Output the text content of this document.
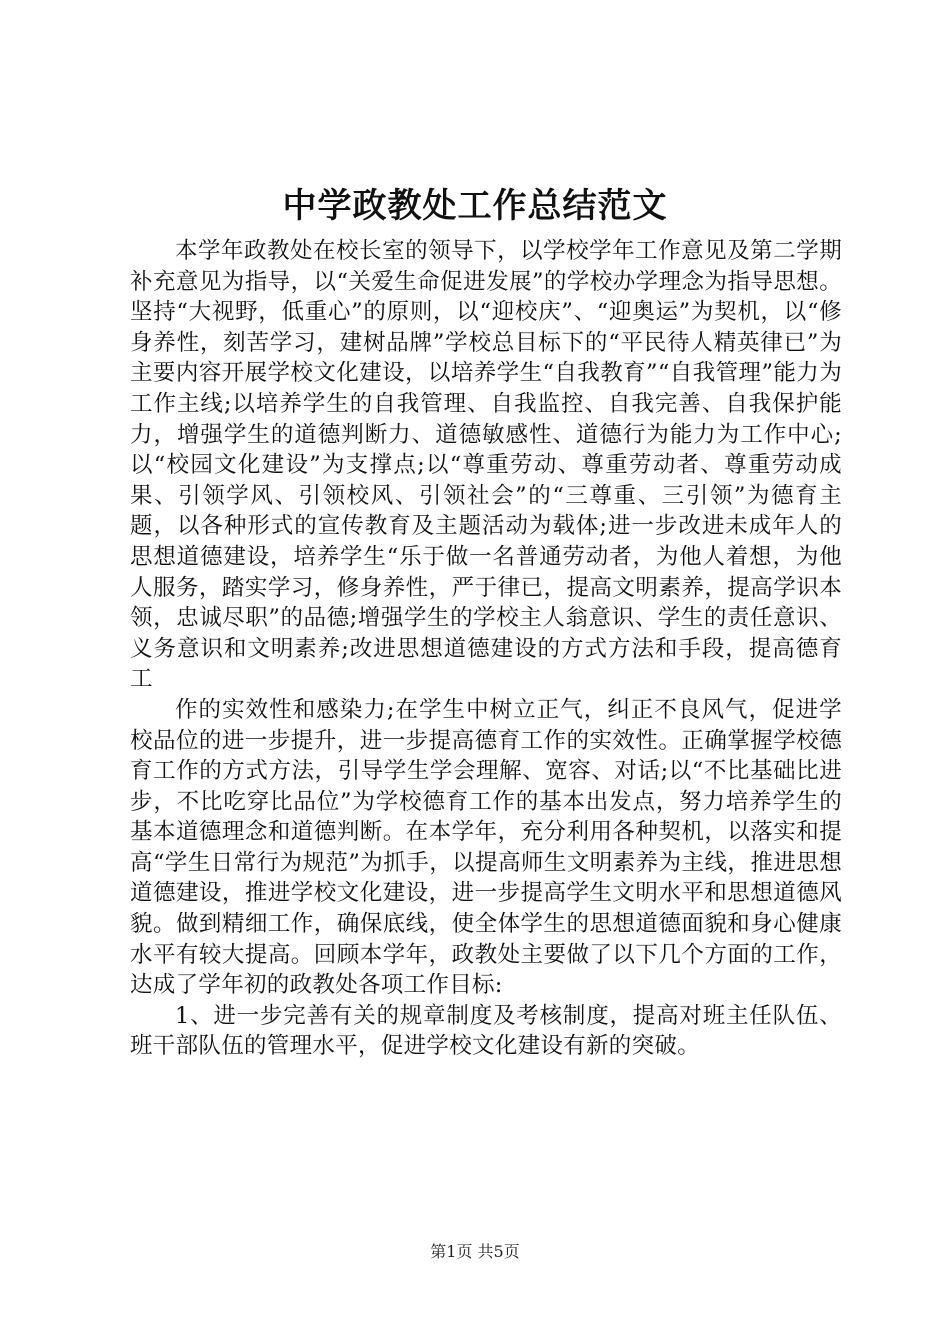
中学政教处工作总结范文

本学年政教处在校长室的领导下，以学校学年工作意见及第二学期补充意见为指导，以“关爱生命促进发展”的学校办学理念为指导思想。坚持“大视野，低重心”的原则，以“迎校庆”、“迎奥运”为契机，以“修身养性，刻苦学习，建树品牌”学校总目标下的“平民待人精英律已”为主要内容开展学校文化建设，以培养学生“自我教育”“自我管理”能力为工作主线;以培养学生的自我管理、自我监控、自我完善、自我保护能力，增强学生的道德判断力、道德敏感性、道德行为能力为工作中心;以“校园文化建设”为支撑点;以“尊重劳动、尊重劳动者、尊重劳动成果、引领学风、引领校风、引领社会”的“三尊重、三引领”为德育主题，以各种形式的宣传教育及主题活动为载体;进一步改进未成年人的思想道德建设，培养学生“乐于做一名普通劳动者，为他人着想，为他人服务，踏实学习，修身养性，严于律已，提高文明素养，提高学识本领，忠诚尽职”的品德;增强学生的学校主人翁意识、学生的责任意识、义务意识和文明素养;改进思想道德建设的方式方法和手段，提高德育工

作的实效性和感染力;在学生中树立正气，纠正不良风气，促进学校品位的进一步提升，进一步提高德育工作的实效性。正确掌握学校德育工作的方式方法，引导学生学会理解、宽容、对话;以“不比基础比进步，不比吃穿比品位”为学校德育工作的基本出发点，努力培养学生的基本道德理念和道德判断。在本学年，充分利用各种契机，以落实和提高“学生日常行为规范”为抓手，以提高师生文明素养为主线，推进思想道德建设，推进学校文化建设，进一步提高学生文明水平和思想道德风貌。做到精细工作，确保底线，使全体学生的思想道德面貌和身心健康水平有较大提高。回顾本学年，政教处主要做了以下几个方面的工作，达成了学年初的政教处各项工作目标:

1、进一步完善有关的规章制度及考核制度，提高对班主任队伍、班干部队伍的管理水平，促进学校文化建设有新的突破。

第1页 共5页
